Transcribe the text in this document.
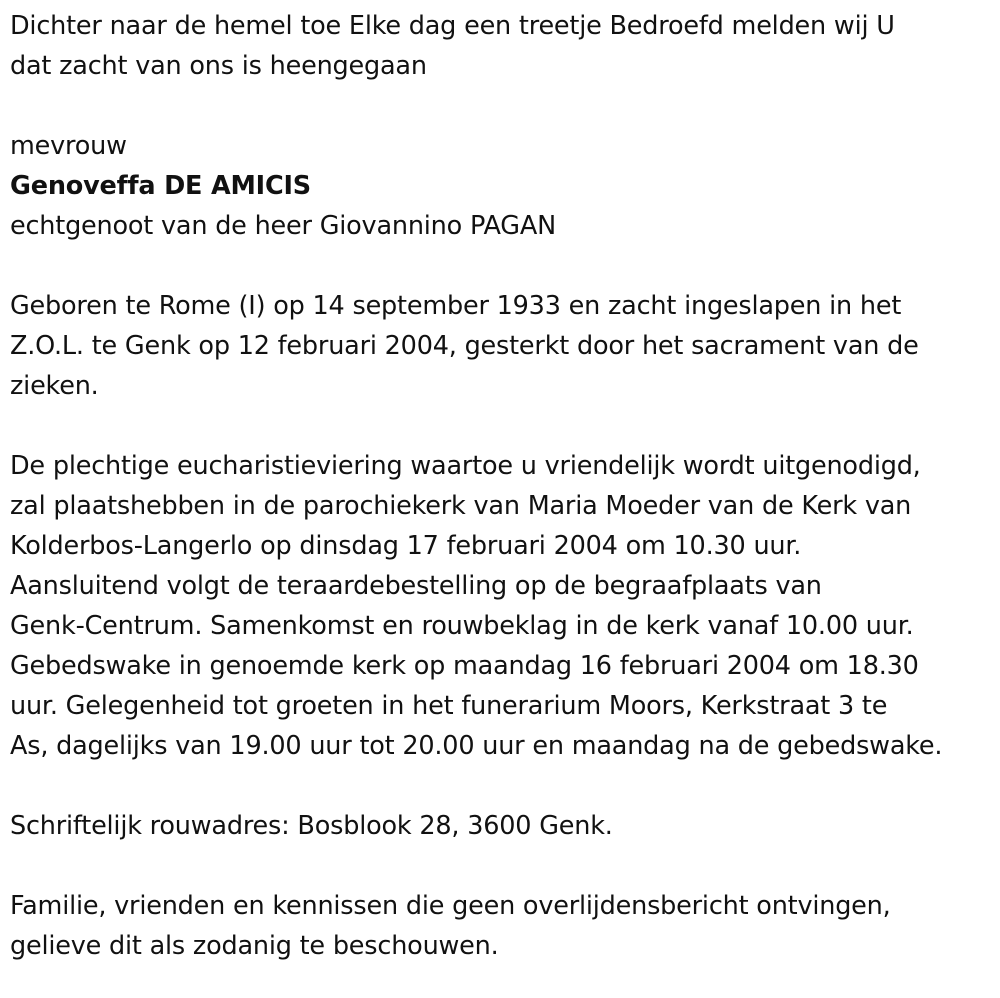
Dichter naar de hemel toe Elke dag een treetje Bedroefd melden wij U

dat zacht van ons is heengegaan

mevrouw

Genoveffa DE AMICIS

echtgenoot van de heer Giovannino PAGAN

Geboren te Rome (I) op 14 september 1933 en zacht ingeslapen in het

Z.O.L. te Genk op 12 februari 2004, gesterkt door het sacrament van de

zieken.

De plechtige eucharistieviering waartoe u vriendelijk wordt uitgenodigd,

zal plaatshebben in de parochiekerk van Maria Moeder van de Kerk van

Kolderbos-Langerlo op dinsdag 17 februari 2004 om 10.30 uur.

Aansluitend volgt de teraardebestelling op de begraafplaats van

Genk-Centrum. Samenkomst en rouwbeklag in de kerk vanaf 10.00 uur.

Gebedswake in genoemde kerk op maandag 16 februari 2004 om 18.30

uur. Gelegenheid tot groeten in het funerarium Moors, Kerkstraat 3 te

As, dagelijks van 19.00 uur tot 20.00 uur en maandag na de gebedswake.

Schriftelijk rouwadres: Bosblook 28, 3600 Genk.

Familie, vrienden en kennissen die geen overlijdensbericht ontvingen,

gelieve dit als zodanig te beschouwen.
